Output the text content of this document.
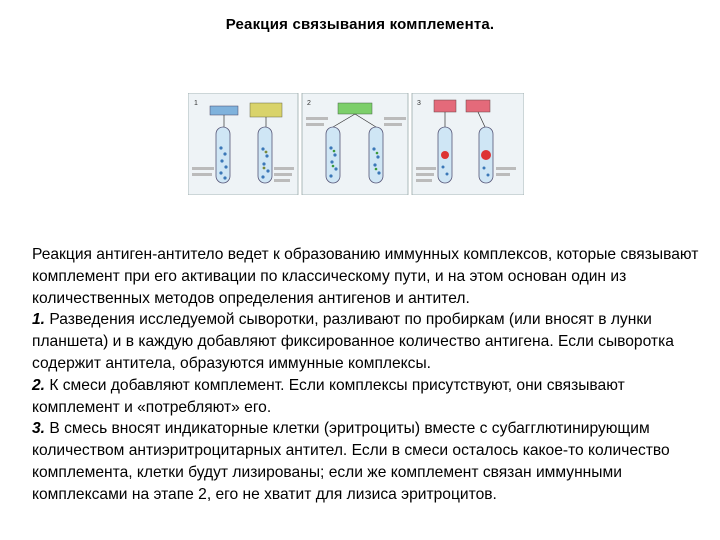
Реакция связывания комплемента.
1	2	3

Реакция антиген-антитело ведет к образованию иммунных комплексов, которые связывают комплемент при его активации по классическому пути, и на этом основан один из количественных методов определения антигенов и антител.

1. Разведения исследуемой сыворотки, разливают по пробиркам (или вносят в лунки планшета) и в каждую добавляют фиксированное количество антигена. Если сыворотка содержит антитела, образуются иммунные комплексы.

2. К смеси добавляют комплемент. Если комплексы присутствуют, они связывают комплемент и «потребляют» его.

3. В смесь вносят индикаторные клетки (эритроциты) вместе с субагглютинирующим количеством антиэритроцитарных антител. Если в смеси осталось какое-то количество комплемента, клетки будут лизированы; если же комплемент связан иммунными комплексами на этапе 2, его не хватит для лизиса эритроцитов.
